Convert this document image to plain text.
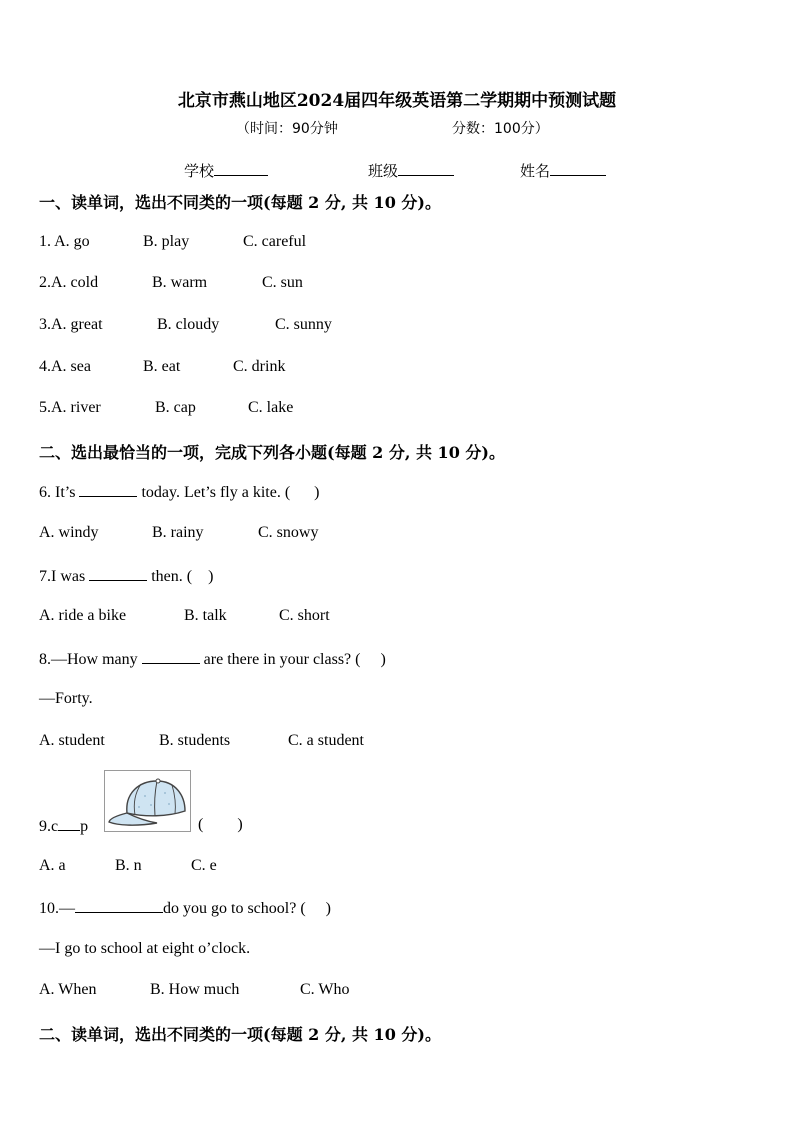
北京市燕山地区2024届四年级英语第二学期期中预测试题
（时间：90分钟	分数：100分）
学校	班级	姓名
一、读单词，选出不同类的一项(每题 2 分, 共 10 分)。
1. A. go	B. play	C. careful
2.A. cold	B. warm	C. sun
3.A. great	B. cloudy	C. sunny
4.A. sea	B. eat	C. drink
5.A. river	B. cap	C. lake
二、选出最恰当的一项，完成下列各小题(每题 2 分, 共 10 分)。
6. It’s	today. Let’s fly a kite. ( )
A. windy	B. rainy	C. snowy
7.I was	then. ( )
A. ride a bike	B. talk	C. short
8.—How many	are there in your class? ( )
—Forty.
A. student	B. students	C. a student
9.c p	( )
A. a	B. n	C. e
10.—	do you go to school? ( )
—I go to school at eight o’clock.
A. When	B. How much	C. Who
二、读单词，选出不同类的一项(每题 2 分, 共 10 分)。
